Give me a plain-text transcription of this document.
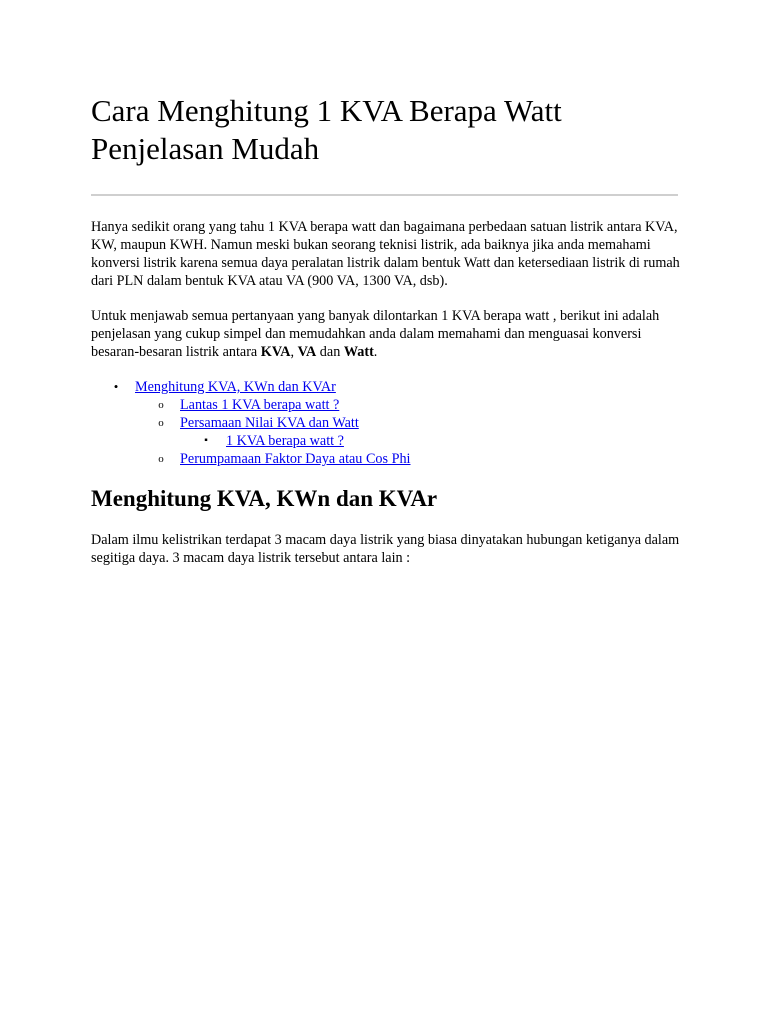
Cara Menghitung 1 KVA Berapa Watt
Penjelasan Mudah

Hanya sedikit orang yang tahu 1 KVA berapa watt dan bagaimana perbedaan satuan listrik antara KVA, KW, maupun KWH. Namun meski bukan seorang teknisi listrik, ada baiknya jika anda memahami konversi listrik karena semua daya peralatan listrik dalam bentuk Watt dan ketersediaan listrik di rumah dari PLN dalam bentuk KVA atau VA (900 VA, 1300 VA, dsb).

Untuk menjawab semua pertanyaan yang banyak dilontarkan 1 KVA berapa watt , berikut ini adalah penjelasan yang cukup simpel dan memudahkan anda dalam memahami dan menguasai konversi besaran-besaran listrik antara KVA, VA dan Watt.

•	Menghitung KVA, KWn dan KVAr
o	Lantas 1 KVA berapa watt ?
o	Persamaan Nilai KVA dan Watt
▪	1 KVA berapa watt ?
o	Perumpamaan Faktor Daya atau Cos Phi
Menghitung KVA, KWn dan KVAr

Dalam ilmu kelistrikan terdapat 3 macam daya listrik yang biasa dinyatakan hubungan ketiganya dalam segitiga daya. 3 macam daya listrik tersebut antara lain :
